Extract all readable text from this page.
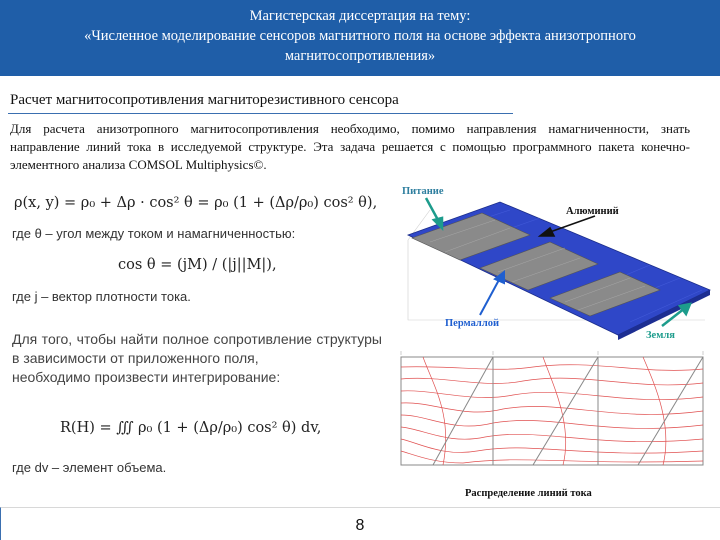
Магистерская диссертация на тему:
«Численное моделирование сенсоров магнитного поля на основе эффекта анизотропного
магнитосопротивления»
Расчет магнитосопротивления магниторезистивного сенсора
Для расчета анизотропного магнитосопротивления необходимо, помимо направления намагниченности, знать направление линий тока в исследуемой структуре. Эта задача решается с помощью программного пакета конечно-элементного анализа COMSOL Multiphysics©.
ρ(x, y) = ρ₀ + Δρ · cos² θ = ρ₀ (1 + (Δρ/ρ₀) cos² θ),
где θ – угол между током и намагниченностью:
cos θ = (jM) / (|j||M|),
где j – вектор плотности тока.
Для того, чтобы найти полное сопротивление структуры в зависимости от приложенного поля,
необходимо произвести интегрирование:
R(H) = ∭ ρ₀ (1 + (Δρ/ρ₀) cos² θ) dv,
где dv – элемент объема.
Питание
Алюминий
Пермаллой
Земля
Распределение линий тока
8
